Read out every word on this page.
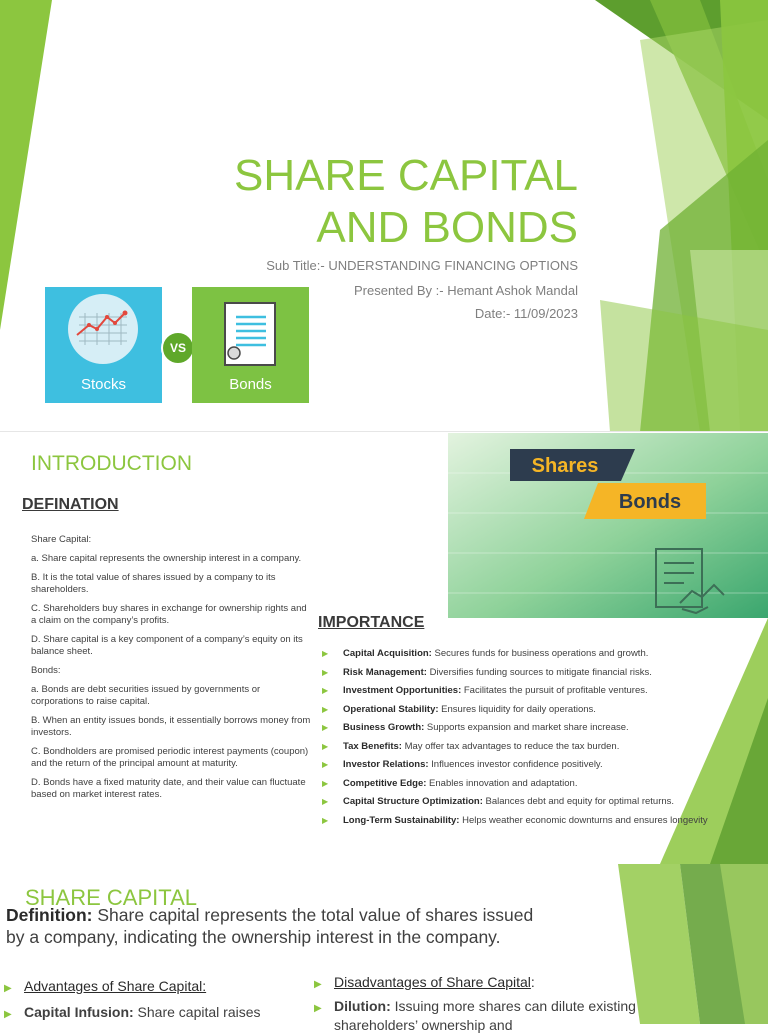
SHARE CAPITAL AND BONDS
Sub Title:- UNDERSTANDING FINANCING OPTIONS
Presented By :- Hemant Ashok Mandal
Date:- 11/09/2023
Stocks
VS
Bonds
INTRODUCTION
DEFINATION

Share Capital:

a. Share capital represents the ownership interest in a company.

B. It is the total value of shares issued by a company to its shareholders.

C. Shareholders buy shares in exchange for ownership rights and a claim on the company’s profits.

D. Share capital is a key component of a company’s equity on its balance sheet.

Bonds:

a. Bonds are debt securities issued by governments or corporations to raise capital.

B. When an entity issues bonds, it essentially borrows money from investors.

C. Bondholders are promised periodic interest payments (coupon) and the return of the principal amount at maturity.

D. Bonds have a fixed maturity date, and their value can fluctuate based on market interest rates.

Shares
Bonds
IMPORTANCE
▶ Capital Acquisition: Secures funds for business operations and growth.
▶ Risk Management: Diversifies funding sources to mitigate financial risks.
▶ Investment Opportunities: Facilitates the pursuit of profitable ventures.
▶ Operational Stability: Ensures liquidity for daily operations.
▶ Business Growth: Supports expansion and market share increase.
▶ Tax Benefits: May offer tax advantages to reduce the tax burden.
▶ Investor Relations: Influences investor confidence positively.
▶ Competitive Edge: Enables innovation and adaptation.
▶ Capital Structure Optimization: Balances debt and equity for optimal returns.
▶ Long-Term Sustainability: Helps weather economic downturns and ensures longevity
SHARE CAPITAL
Definition: Share capital represents the total value of shares issued by a company, indicating the ownership interest in the company.
▶ Advantages of Share Capital:	▶ Disadvantages of Share Capital:
▶ Capital Infusion: Share capital raises	▶ Dilution: Issuing more shares can dilute existing shareholders’ ownership and
